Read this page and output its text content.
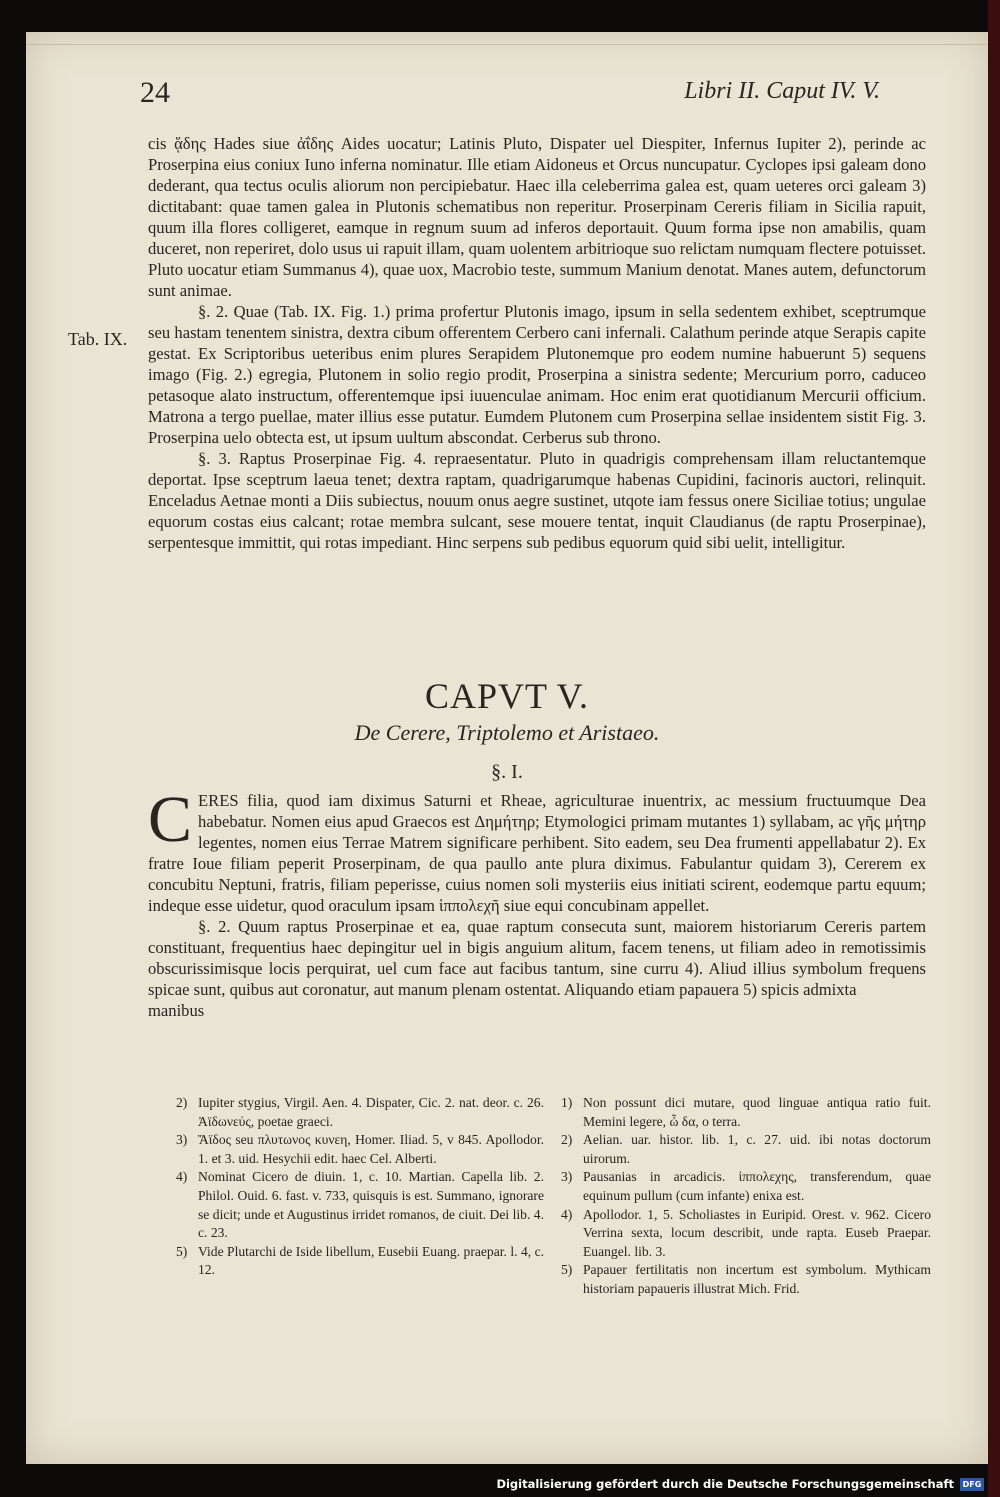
24	Libri II. Caput IV. V.

cis ᾅδης Hades siue ἀΐδης Aides uocatur; Latinis Pluto, Dispater uel Diespiter, Infernus Iupiter 2), perinde ac Proserpina eius coniux Iuno inferna nominatur. Ille etiam Aidoneus et Orcus nuncupatur. Cyclopes ipsi galeam dono dederant, qua tectus oculis aliorum non percipiebatur. Haec illa celeberrima galea est, quam ueteres orci galeam 3) dictitabant: quae tamen galea in Plutonis schematibus non reperitur. Proserpinam Cereris filiam in Sicilia rapuit, quum illa flores colligeret, eamque in regnum suum ad inferos deportauit. Quum forma ipse non amabilis, quam duceret, non reperiret, dolo usus ui rapuit illam, quam uolentem arbitrioque suo relictam numquam flectere potuisset. Pluto uocatur etiam Summanus 4), quae uox, Macrobio teste, summum Manium denotat. Manes autem, defunctorum sunt animae.

§. 2. Quae (Tab. IX. Fig. 1.) prima profertur Plutonis imago, ipsum in sella sedentem exhibet, sceptrumque seu hastam tenentem sinistra, dextra cibum offerentem Cerbero cani infernali. Calathum perinde atque Serapis capite gestat. Ex Scriptoribus ueteribus enim plures Serapidem Plutonemque pro eodem numine habuerunt 5) sequens imago (Fig. 2.) egregia, Plutonem in solio regio prodit, Proserpina a sinistra sedente; Mercurium porro, caduceo petasoque alato instructum, offerentemque ipsi iuuenculae animam. Hoc enim erat quotidianum Mercurii officium. Matrona a tergo puellae, mater illius esse putatur. Eumdem Plutonem cum Proserpina sellae insidentem sistit Fig. 3. Proserpina uelo obtecta est, ut ipsum uultum abscondat. Cerberus sub throno.

§. 3. Raptus Proserpinae Fig. 4. repraesentatur. Pluto in quadrigis comprehensam illam reluctantemque deportat. Ipse sceptrum laeua tenet; dextra raptam, quadrigarumque habenas Cupidini, facinoris auctori, relinquit. Enceladus Aetnae monti a Diis subiectus, nouum onus aegre sustinet, utqote iam fessus onere Siciliae totius; ungulae equorum costas eius calcant; rotae membra sulcant, sese mouere tentat, inquit Claudianus (de raptu Proserpinae), serpentesque immittit, qui rotas impediant. Hinc serpens sub pedibus equorum quid sibi uelit, intelligitur.

Tab. IX.
CAPVT V.
De Cerere, Triptolemo et Aristaeo.
§. I.

CERES filia, quod iam diximus Saturni et Rheae, agriculturae inuentrix, ac messium fructuumque Dea habebatur. Nomen eius apud Graecos est Δημήτηρ; Etymologici primam mutantes 1) syllabam, ac γῆς μήτηρ legentes, nomen eius Terrae Matrem significare perhibent. Sito eadem, seu Dea frumenti appellabatur 2). Ex fratre Ioue filiam peperit Proserpinam, de qua paullo ante plura diximus. Fabulantur quidam 3), Cererem ex concubitu Neptuni, fratris, filiam peperisse, cuius nomen soli mysteriis eius initiati scirent, eodemque partu equum; indeque esse uidetur, quod oraculum ipsam ἱππολεχῆ siue equi concubinam appellet.

§. 2. Quum raptus Proserpinae et ea, quae raptum consecuta sunt, maiorem historiarum Cereris partem constituant, frequentius haec depingitur uel in bigis anguium alitum, facem tenens, ut filiam adeo in remotissimis obscurissimisque locis perquirat, uel cum face aut facibus tantum, sine curru 4). Aliud illius symbolum frequens spicae sunt, quibus aut coronatur, aut manum plenam ostentat. Aliquando etiam papauera 5) spicis admixta

manibus

2) Iupiter stygius, Virgil. Aen. 4. Dispater, Cic. 2. nat. deor. c. 26. Ἀϊδωνεύς, poetae graeci.
3) Ἄϊδος seu πλυτωνος κυνεη, Homer. Iliad. 5, v 845. Apollodor. 1. et 3. uid. Hesychii edit. haec Cel. Alberti.
4) Nominat Cicero de diuin. 1, c. 10. Martian. Capella lib. 2. Philol. Ouid. 6. fast. v. 733, quisquis is est. Summano, ignorare se dicit; unde et Augustinus irridet romanos, de ciuit. Dei lib. 4. c. 23.
5) Vide Plutarchi de Iside libellum, Eusebii Euang. praepar. l. 4, c. 12.
1) Non possunt dici mutare, quod linguae antiqua ratio fuit. Memini legere, ὦ δα, o terra.
2) Aelian. uar. histor. lib. 1, c. 27. uid. ibi notas doctorum uirorum.
3) Pausanias in arcadicis. ἱππολεχης, transferendum, quae equinum pullum (cum infante) enixa est.
4) Apollodor. 1, 5. Scholiastes in Euripid. Orest. v. 962. Cicero Verrina sexta, locum describit, unde rapta. Euseb Praepar. Euangel. lib. 3.
5) Papauer fertilitatis non incertum est symbolum. Mythicam historiam papaueris illustrat Mich. Frid.
Digitalisierung gefördert durch die Deutsche Forschungsgemeinschaft	DFG
